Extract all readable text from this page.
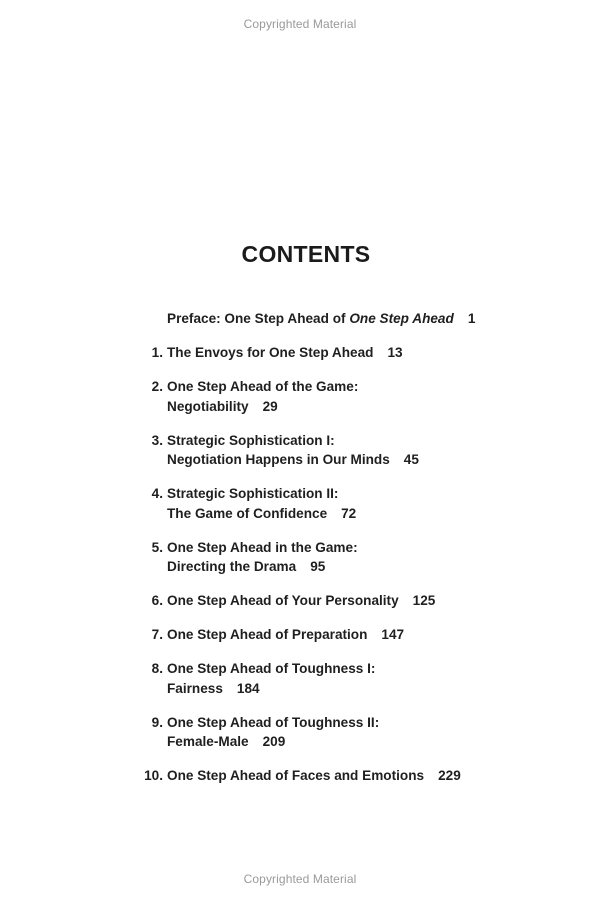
Copyrighted Material
CONTENTS
Preface: One Step Ahead of One Step Ahead 1
1. The Envoys for One Step Ahead 13
2. One Step Ahead of the Game:
Negotiability 29
3. Strategic Sophistication I:
Negotiation Happens in Our Minds 45
4. Strategic Sophistication II:
The Game of Confidence 72
5. One Step Ahead in the Game:
Directing the Drama 95
6. One Step Ahead of Your Personality 125
7. One Step Ahead of Preparation 147
8. One Step Ahead of Toughness I:
Fairness 184
9. One Step Ahead of Toughness II:
Female-Male 209
10. One Step Ahead of Faces and Emotions 229
Copyrighted Material
